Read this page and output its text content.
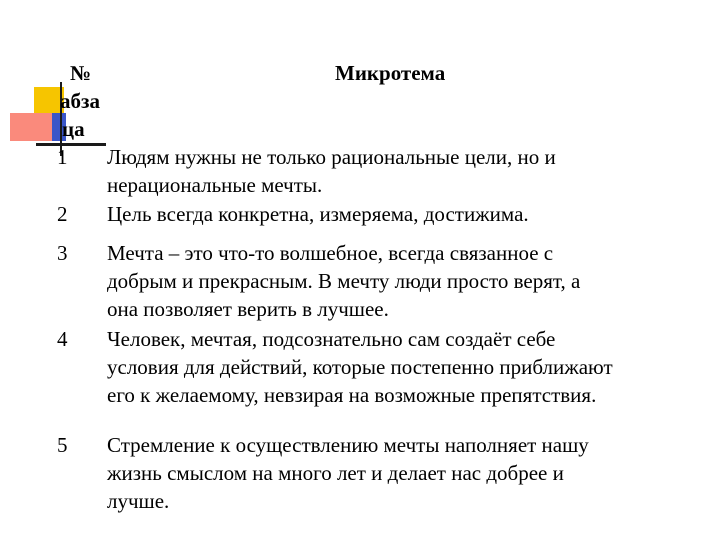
№
абза
ца
Микротема
1 Людям нужны не только рациональные цели, но и
нерациональные мечты.
2 Цель всегда конкретна, измеряема, достижима.
3 Мечта – это что-то волшебное, всегда связанное с
добрым и прекрасным. В мечту люди просто верят, а
она позволяет верить в лучшее.
4 Человек, мечтая, подсознательно сам создаёт себе
условия для действий, которые постепенно приближают
его к желаемому, невзирая на возможные препятствия.
5 Стремление к осуществлению мечты наполняет нашу
жизнь смыслом на много лет и делает нас добрее и
лучше.
